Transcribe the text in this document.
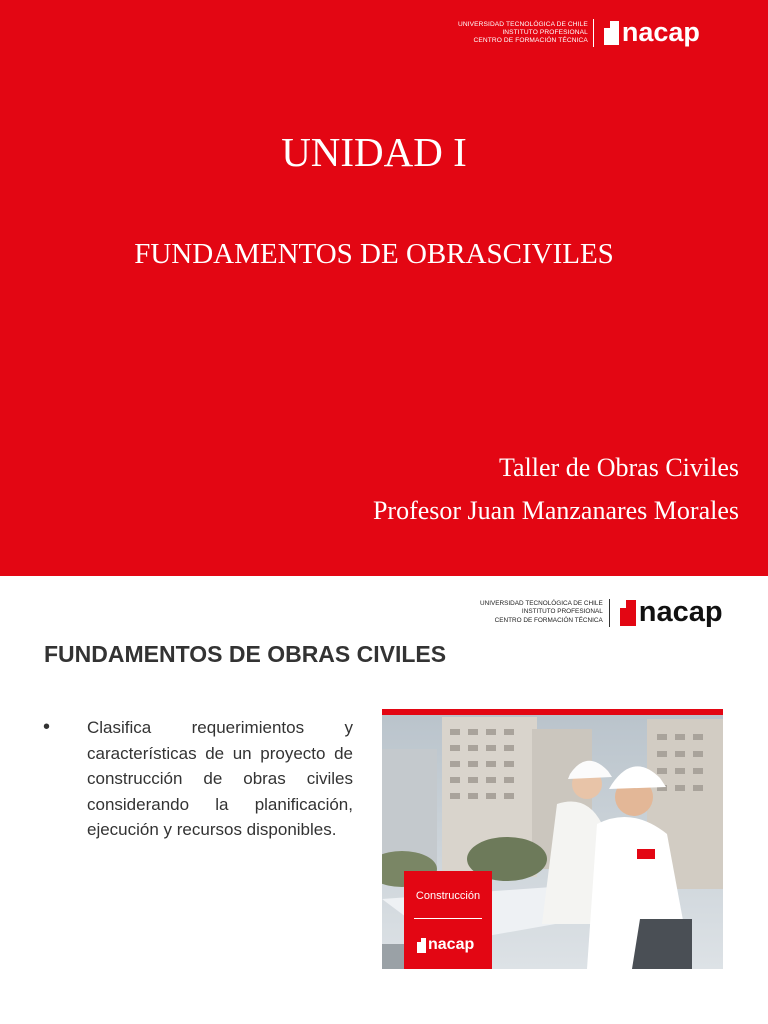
UNIVERSIDAD TECNOLÓGICA DE CHILE
INSTITUTO PROFESIONAL
CENTRO DE FORMACIÓN TÉCNICA nacap
UNIDAD I
FUNDAMENTOS DE OBRASCIVILES
Taller de Obras Civiles
Profesor Juan Manzanares Morales
UNIVERSIDAD TECNOLÓGICA DE CHILE
INSTITUTO PROFESIONAL
CENTRO DE FORMACIÓN TÉCNICA nacap
FUNDAMENTOS DE OBRAS CIVILES
• Clasifica requerimientos y características de un proyecto de construcción de obras civiles considerando la planificación, ejecución y recursos disponibles.
Construcción
nacap
